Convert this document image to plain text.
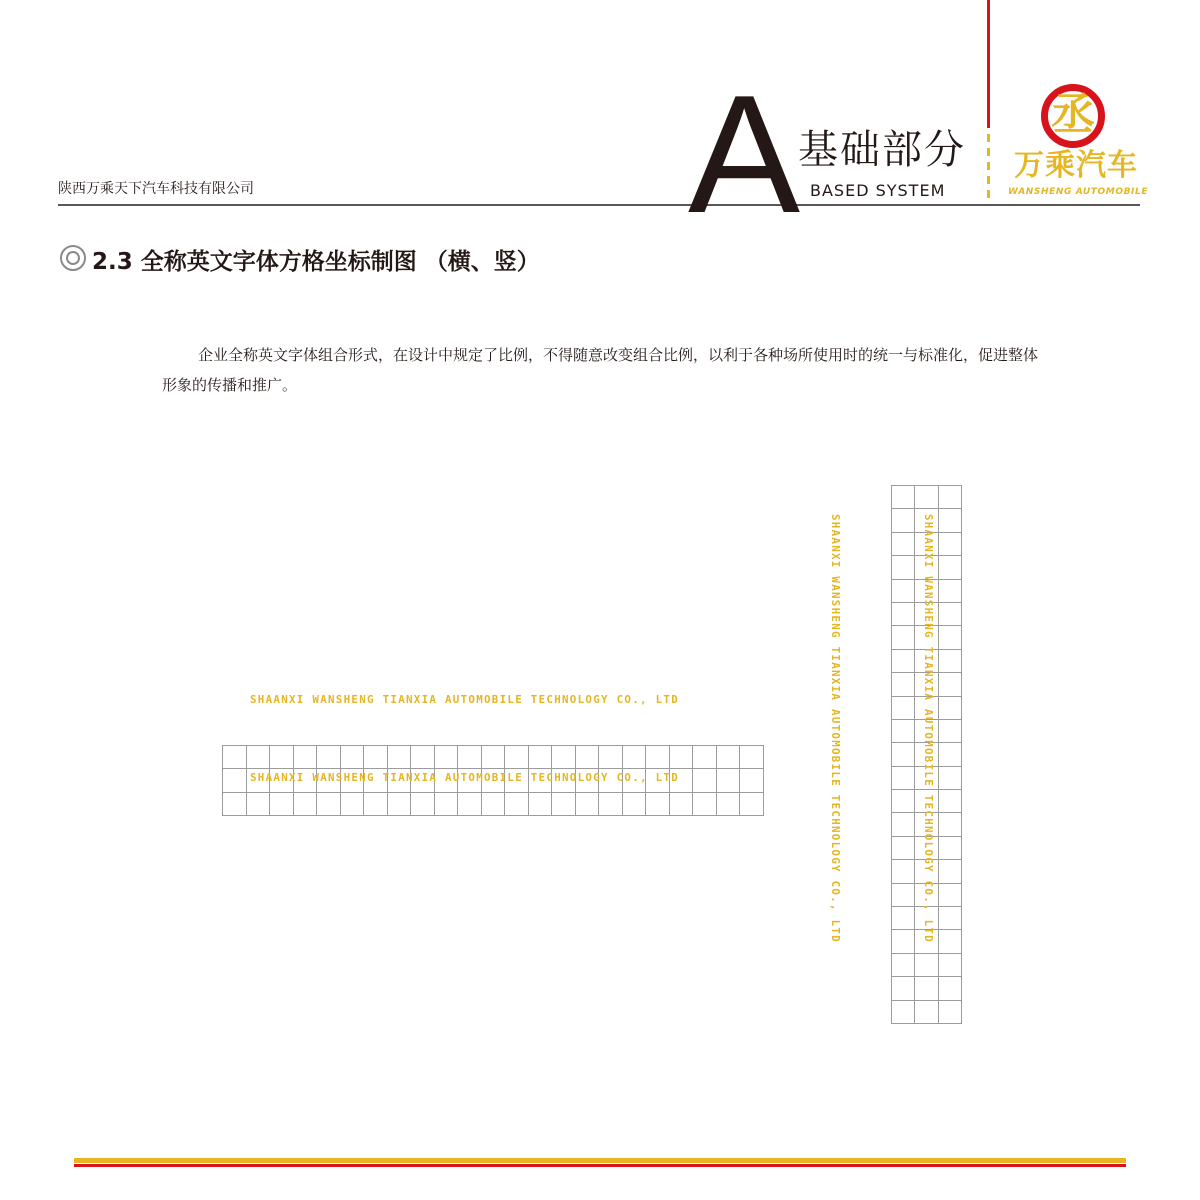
陕西万乘天下汽车科技有限公司	A
基础部分
BASED SYSTEM
丞
万乘汽车
WANSHENG AUTOMOBILE
2.3 全称英文字体方格坐标制图 （横、竖）
企业全称英文字体组合形式，在设计中规定了比例，不得随意改变组合比例，以利于各种场所使用时的统一与标准化，促进整体形象的传播和推广。
SHAANXI WANSHENG TIANXIA AUTOMOBILE TECHNOLOGY CO., LTD
SHAANXI WANSHENG TIANXIA AUTOMOBILE TECHNOLOGY CO., LTD	SHAANXI WANSHENG TIANXIA AUTOMOBILE TECHNOLOGY CO., LTD	SHAANXI WANSHENG TIANXIA AUTOMOBILE TECHNOLOGY CO., LTD
